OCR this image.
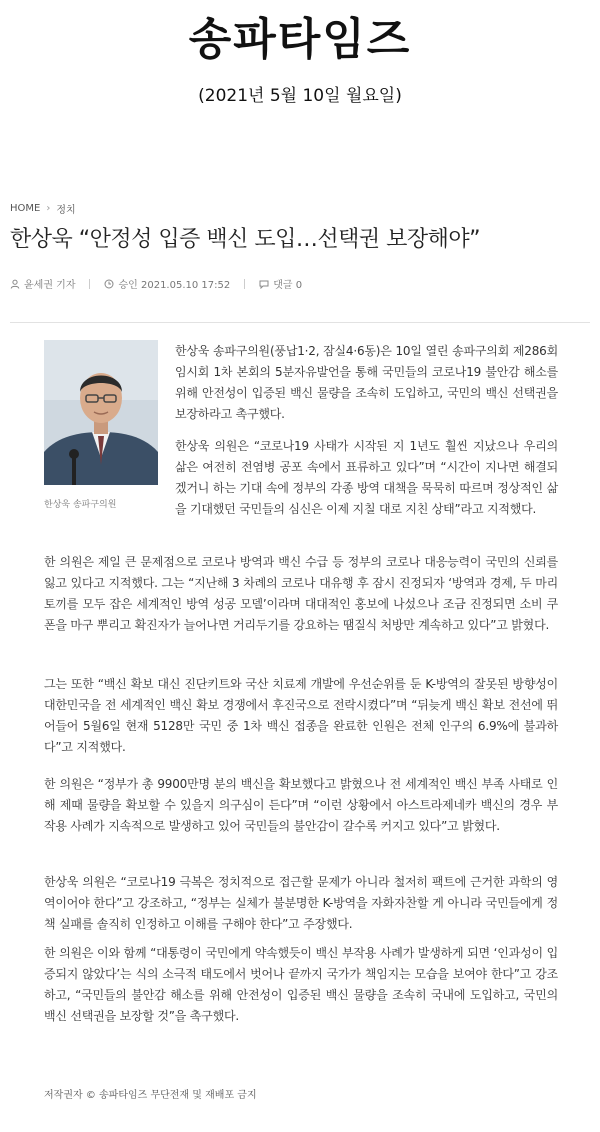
송파타임즈
(2021년 5월 10일 월요일)
HOME › 정치
한상욱 “안정성 입증 백신 도입…선택권 보장해야”
윤세권 기자	승인 2021.05.10 17:52	댓글 0
한상욱 송파구의원

한상욱 송파구의원(풍납1·2, 잠실4·6동)은 10일 열린 송파구의회 제286회 임시회 1차 본회의 5분자유발언을 통해 국민들의 코로나19 불안감 해소를 위해 안전성이 입증된 백신 물량을 조속히 도입하고, 국민의 백신 선택권을 보장하라고 촉구했다.

한상욱 의원은 “코로나19 사태가 시작된 지 1년도 훨씬 지났으나 우리의 삶은 여전히 전염병 공포 속에서 표류하고 있다”며 “시간이 지나면 해결되겠거니 하는 기대 속에 정부의 각종 방역 대책을 묵묵히 따르며 정상적인 삶을 기대했던 국민들의 심신은 이제 지칠 대로 지친 상태”라고 지적했다.

한 의원은 제일 큰 문제점으로 코로나 방역과 백신 수급 등 정부의 코로나 대응능력이 국민의 신뢰를 잃고 있다고 지적했다. 그는 “지난해 3 차례의 코로나 대유행 후 잠시 진정되자 ‘방역과 경제, 두 마리 토끼를 모두 잡은 세계적인 방역 성공 모델’이라며 대대적인 홍보에 나섰으나 조금 진정되면 소비 쿠폰을 마구 뿌리고 확진자가 늘어나면 거리두기를 강요하는 땜질식 처방만 계속하고 있다”고 밝혔다.

그는 또한 “백신 확보 대신 진단키트와 국산 치료제 개발에 우선순위를 둔 K-방역의 잘못된 방향성이 대한민국을 전 세계적인 백신 확보 경쟁에서 후진국으로 전락시켰다”며 “뒤늦게 백신 확보 전선에 뛰어들어 5월6일 현재 5128만 국민 중 1차 백신 접종을 완료한 인원은 전체 인구의 6.9%에 불과하다”고 지적했다.

한 의원은 “정부가 총 9900만명 분의 백신을 확보했다고 밝혔으나 전 세계적인 백신 부족 사태로 인해 제때 물량을 확보할 수 있을지 의구심이 든다”며 “이런 상황에서 아스트라제네카 백신의 경우 부작용 사례가 지속적으로 발생하고 있어 국민들의 불안감이 갈수록 커지고 있다”고 밝혔다.

한상욱 의원은 “코로나19 극복은 정치적으로 접근할 문제가 아니라 철저히 팩트에 근거한 과학의 영역이어야 한다”고 강조하고, “정부는 실체가 불분명한 K-방역을 자화자찬할 게 아니라 국민들에게 정책 실패를 솔직히 인정하고 이해를 구해야 한다”고 주장했다.

한 의원은 이와 함께 “대통령이 국민에게 약속했듯이 백신 부작용 사례가 발생하게 되면 ‘인과성이 입증되지 않았다’는 식의 소극적 태도에서 벗어나 끝까지 국가가 책임지는 모습을 보여야 한다”고 강조하고, “국민들의 불안감 해소를 위해 안전성이 입증된 백신 물량을 조속히 국내에 도입하고, 국민의 백신 선택권을 보장할 것”을 촉구했다.

저작권자 © 송파타임즈 무단전재 및 재배포 금지
